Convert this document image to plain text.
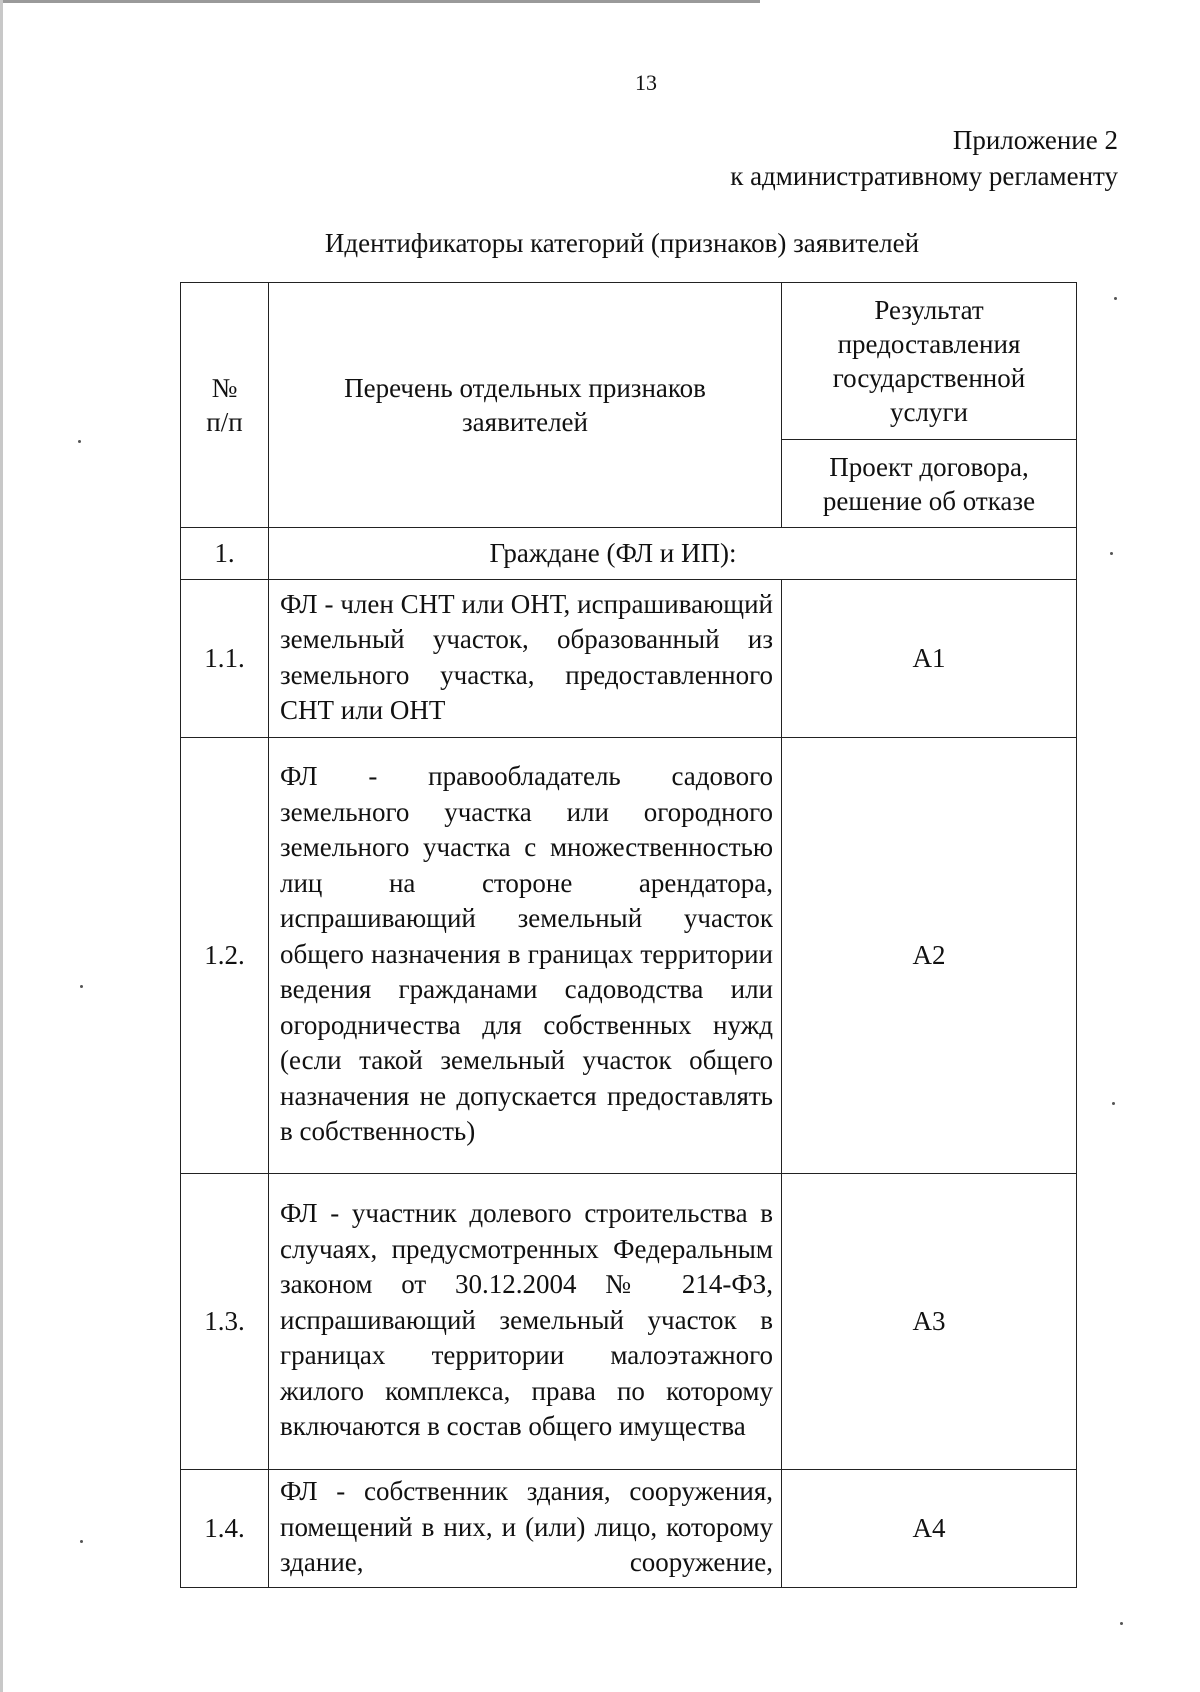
13
Приложение 2
к административному регламенту
Идентификаторы категорий (признаков) заявителей
№ п/п	Перечень отдельных признаков заявителей	Результат предоставления государственной услуги
		Проект договора, решение об отказе
1.	Граждане (ФЛ и ИП):	
1.1.	ФЛ - член СНТ или ОНТ, испрашивающий земельный участок, образованный из земельного участка, предоставленного СНТ или ОНТ	А1
1.2.	ФЛ - правообладатель садового земельного участка или огородного земельного участка с множественностью лиц на стороне арендатора, испрашивающий земельный участок общего назначения в границах территории ведения гражданами садоводства или огородничества для собственных нужд (если такой земельный участок общего назначения не допускается предоставлять в собственность)	А2
1.3.	ФЛ - участник долевого строительства в случаях, предусмотренных Федеральным законом от 30.12.2004 № 214-ФЗ, испрашивающий земельный участок в границах территории малоэтажного жилого комплекса, права по которому включаются в состав общего имущества	А3
1.4.	ФЛ - собственник здания, сооружения, помещений в них, и (или) лицо, которому здание, сооружение,	А4
